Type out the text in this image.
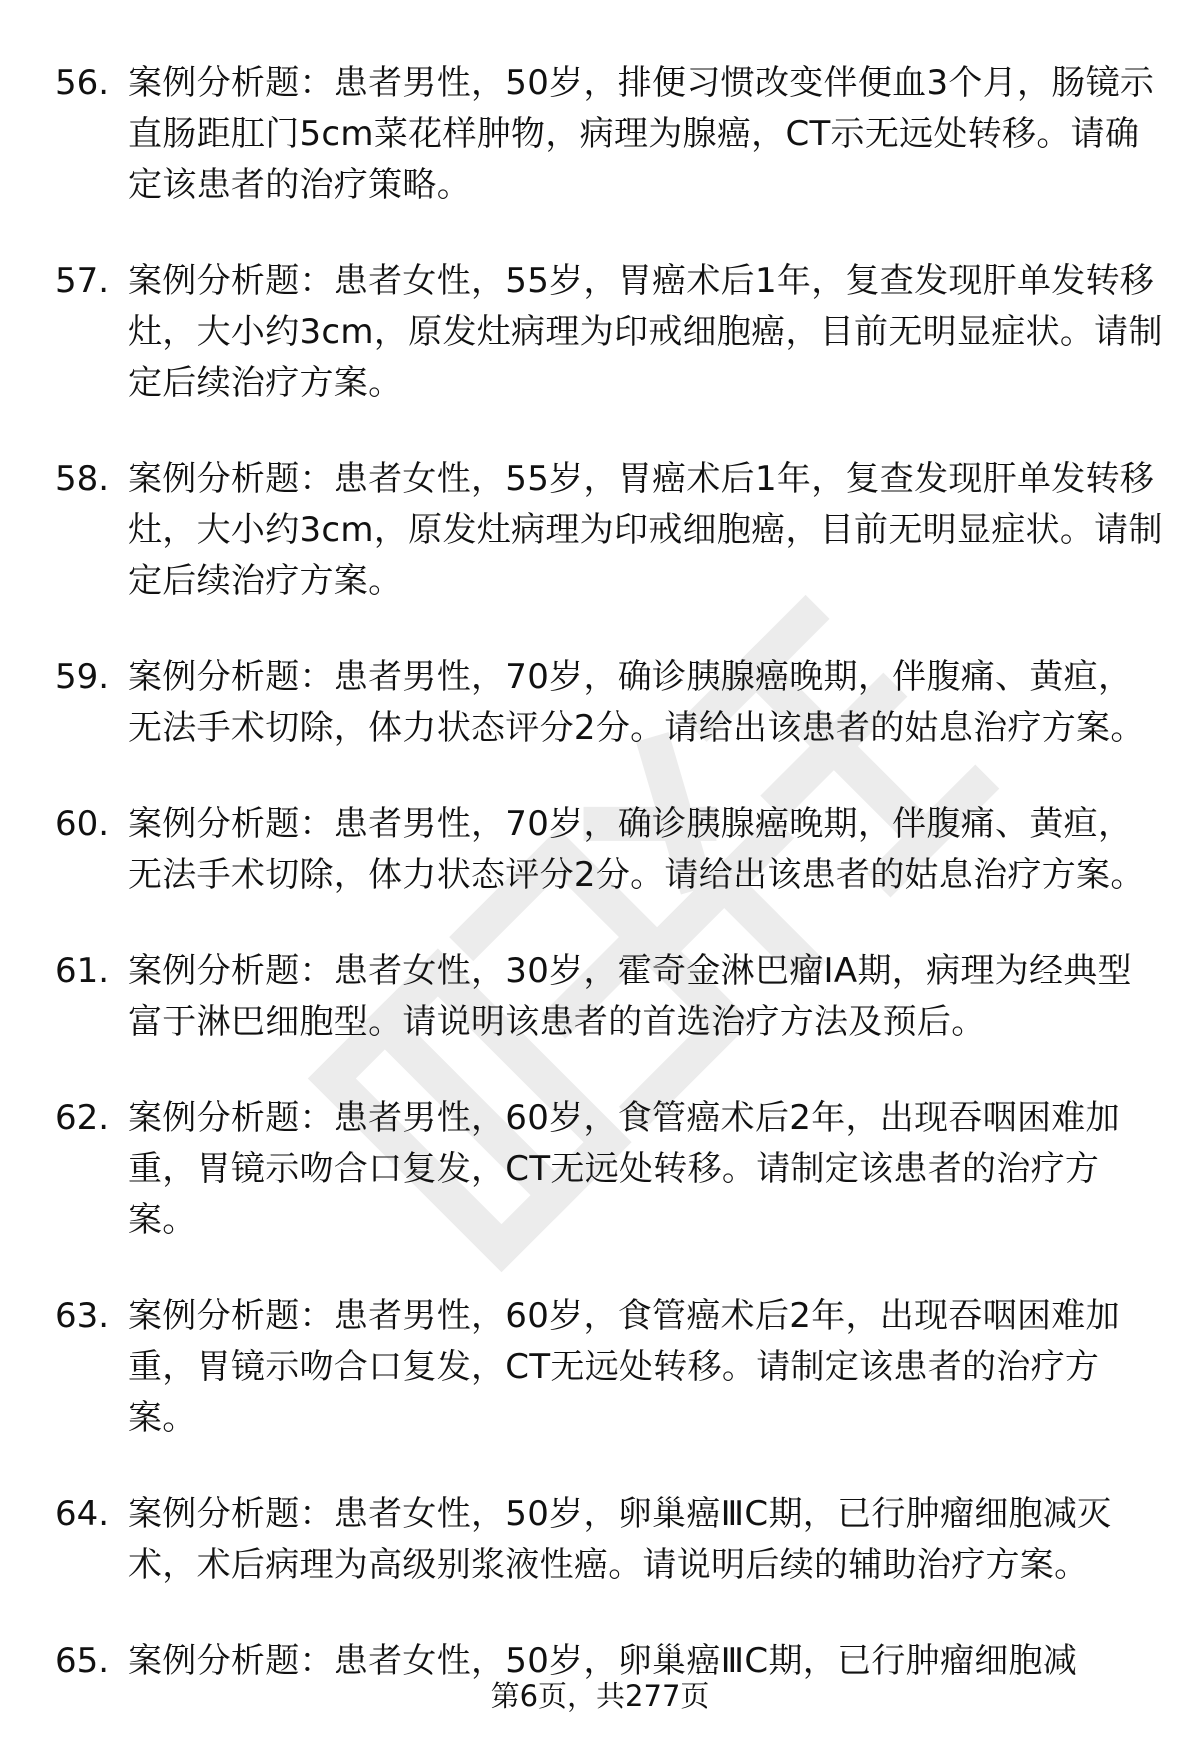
56. 案例分析题：患者男性，50岁，排便习惯改变伴便血3个月，肠镜示直肠距肛门5cm菜花样肿物，病理为腺癌，CT示无远处转移。请确定该患者的治疗策略。
57. 案例分析题：患者女性，55岁，胃癌术后1年，复查发现肝单发转移灶，大小约3cm，原发灶病理为印戒细胞癌，目前无明显症状。请制定后续治疗方案。
58. 案例分析题：患者女性，55岁，胃癌术后1年，复查发现肝单发转移灶，大小约3cm，原发灶病理为印戒细胞癌，目前无明显症状。请制定后续治疗方案。
59. 案例分析题：患者男性，70岁，确诊胰腺癌晚期，伴腹痛、黄疸，无法手术切除，体力状态评分2分。请给出该患者的姑息治疗方案。
60. 案例分析题：患者男性，70岁，确诊胰腺癌晚期，伴腹痛、黄疸，无法手术切除，体力状态评分2分。请给出该患者的姑息治疗方案。
61. 案例分析题：患者女性，30岁，霍奇金淋巴瘤ⅠA期，病理为经典型富于淋巴细胞型。请说明该患者的首选治疗方法及预后。
62. 案例分析题：患者男性，60岁，食管癌术后2年，出现吞咽困难加重，胃镜示吻合口复发，CT无远处转移。请制定该患者的治疗方案。
63. 案例分析题：患者男性，60岁，食管癌术后2年，出现吞咽困难加重，胃镜示吻合口复发，CT无远处转移。请制定该患者的治疗方案。
64. 案例分析题：患者女性，50岁，卵巢癌ⅢC期，已行肿瘤细胞减灭术，术后病理为高级别浆液性癌。请说明后续的辅助治疗方案。
65. 案例分析题：患者女性，50岁，卵巢癌ⅢC期，已行肿瘤细胞减
第6页，共277页
